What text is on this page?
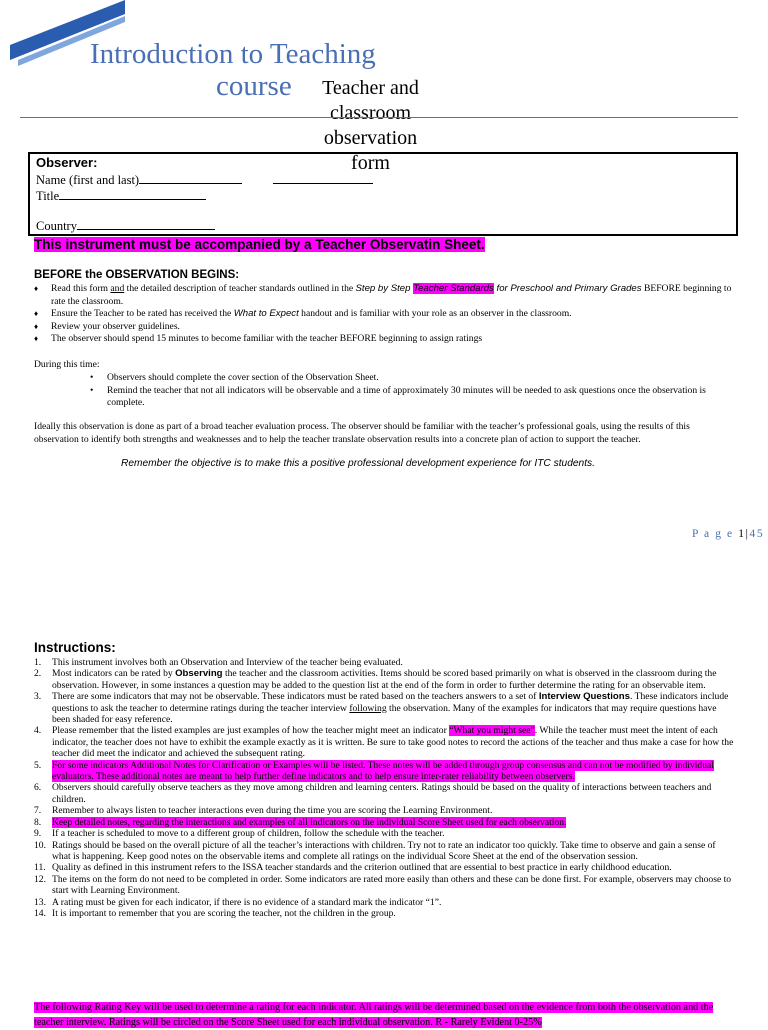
Introduction to Teaching

course	Teacher and classroom observation form
Observer:
Name (first and last)
Title
Country
This instrument must be accompanied by a Teacher Observatin Sheet.
BEFORE the OBSERVATION BEGINS:
♦ Read this form and the detailed description of teacher standards outlined in the Step by Step Teacher Standards for Preschool and Primary Grades BEFORE beginning to rate the classroom.
♦ Ensure the Teacher to be rated has received the What to Expect handout and is familiar with your role as an observer in the classroom.
♦ Review your observer guidelines.
♦ The observer should spend 15 minutes to become familiar with the teacher BEFORE beginning to assign ratings
During this time:
• Observers should complete the cover section of the Observation Sheet.
• Remind the teacher that not all indicators will be observable and a time of approximately 30 minutes will be needed to ask questions once the observation is complete.
Ideally this observation is done as part of a broad teacher evaluation process. The observer should be familiar with the teacher’s professional goals, using the results of this observation to identify both strengths and weaknesses and to help the teacher translate observation results into a concrete plan of action to support the teacher.
Remember the objective is to make this a positive professional development experience for ITC students.
P a g e 1|45
Instructions:
1. This instrument involves both an Observation and Interview of the teacher being evaluated.
2. Most indicators can be rated by Observing the teacher and the classroom activities. Items should be scored based primarily on what is observed in the classroom during the observation. However, in some instances a question may be added to the question list at the end of the form in order to further determine the rating for an observable item.
3. There are some indicators that may not be observable. These indicators must be rated based on the teachers answers to a set of Interview Questions. These indicators include questions to ask the teacher to determine ratings during the teacher interview following the observation. Many of the examples for indicators that may require questions have been shaded for easy reference.
4. Please remember that the listed examples are just examples of how the teacher might meet an indicator “What you might see”. While the teacher must meet the intent of each indicator, the teacher does not have to exhibit the example exactly as it is written. Be sure to take good notes to record the actions of the teacher and thus make a case for how the teacher did meet the indicator and achieved the subsequent rating.
5. For some indicators Additional Notes for Clarification or Examples will be listed. These notes will be added through group consensus and can not be modified by individual evaluators. These additional notes are meant to help further define indicators and to help ensure inter-rater reliability between observers.
6. Observers should carefully observe teachers as they move among children and learning centers. Ratings should be based on the quality of interactions between teachers and children.
7. Remember to always listen to teacher interactions even during the time you are scoring the Learning Environment.
8. Keep detailed notes, regarding the interactions and examples of all indicators on the individual Score Sheet used for each observation.
9. If a teacher is scheduled to move to a different group of children, follow the schedule with the teacher.
10. Ratings should be based on the overall picture of all the teacher’s interactions with children. Try not to rate an indicator too quickly. Take time to observe and gain a sense of what is happening. Keep good notes on the observable items and complete all ratings on the individual Score Sheet at the end of the observation session.
11. Quality as defined in this instrument refers to the ISSA teacher standards and the criterion outlined that are essential to best practice in early childhood education.
12. The items on the form do not need to be completed in order. Some indicators are rated more easily than others and these can be done first. For example, observers may choose to start with Learning Environment.
13. A rating must be given for each indicator, if there is no evidence of a standard mark the indicator “1”.
14. It is important to remember that you are scoring the teacher, not the children in the group.
The following Rating Key will be used to determine a rating for each indicator. All ratings will be determined based on the evidence from both the observation and the teacher interview. Ratings will be circled on the Score Sheet used for each individual observation. R - Rarely Evident 0-25%
